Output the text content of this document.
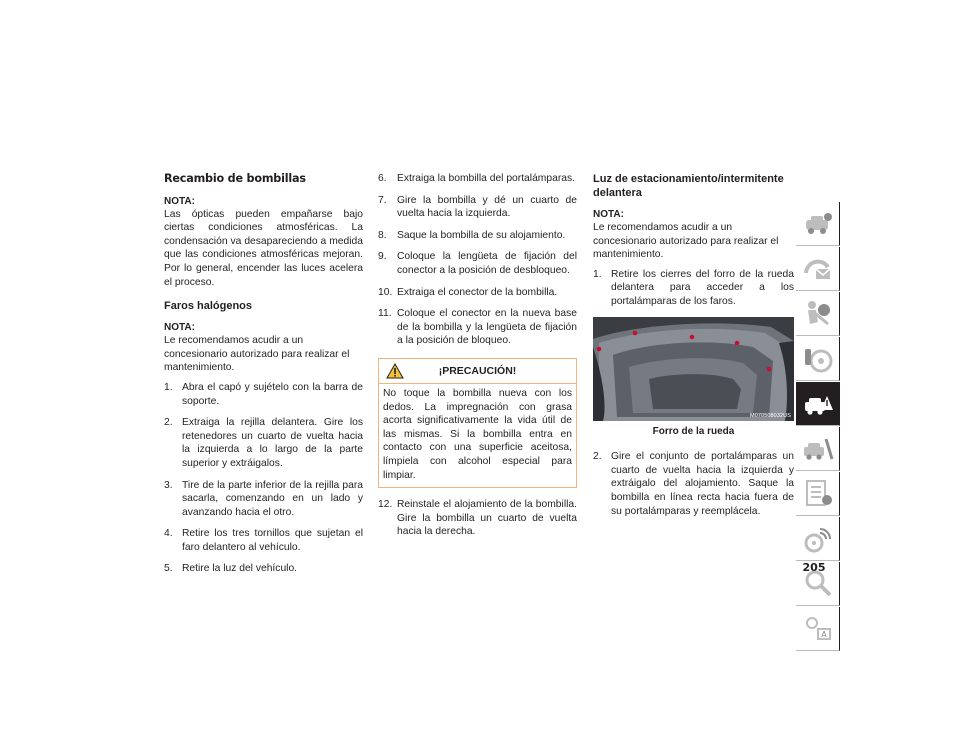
Recambio de bombillas

NOTA:

Las ópticas pueden empañarse bajo ciertas condiciones atmosféricas. La condensación va desapareciendo a medida que las condiciones atmosféricas mejoran. Por lo general, encender las luces acelera el proceso.

Faros halógenos

NOTA:

Le recomendamos acudir a un concesionario autorizado para realizar el mantenimiento.

1. Abra el capó y sujételo con la barra de soporte.
2. Extraiga la rejilla delantera. Gire los retenedores un cuarto de vuelta hacia la izquierda a lo largo de la parte superior y extráigalos.
3. Tire de la parte inferior de la rejilla para sacarla, comenzando en un lado y avanzando hacia el otro.
4. Retire los tres tornillos que sujetan el faro delantero al vehículo.
5. Retire la luz del vehículo.
6. Extraiga la bombilla del portalámparas.
7. Gire la bombilla y dé un cuarto de vuelta hacia la izquierda.
8. Saque la bombilla de su alojamiento.
9. Coloque la lengüeta de fijación del conector a la posición de desbloqueo.
10. Extraiga el conector de la bombilla.
11. Coloque el conector en la nueva base de la bombilla y la lengüeta de fijación a la posición de bloqueo.
¡PRECAUCIÓN!
No toque la bombilla nueva con los dedos. La impregnación con grasa acorta significativamente la vida útil de las mismas. Si la bombilla entra en contacto con una superficie aceitosa, límpiela con alcohol especial para limpiar.
12. Reinstale el alojamiento de la bombilla. Gire la bombilla un cuarto de vuelta hacia la derecha.
Luz de estacionamiento/intermitente delantera

NOTA:

Le recomendamos acudir a un concesionario autorizado para realizar el mantenimiento.

1. Retire los cierres del forro de la rueda delantera para acceder a los portalámparas de los faros.
M070508032US
Forro de la rueda
2. Gire el conjunto de portalámparas un cuarto de vuelta hacia la izquierda y extráigalo del alojamiento. Saque la bombilla en línea recta hacia fuera de su portalámparas y reemplácela.
A
205
